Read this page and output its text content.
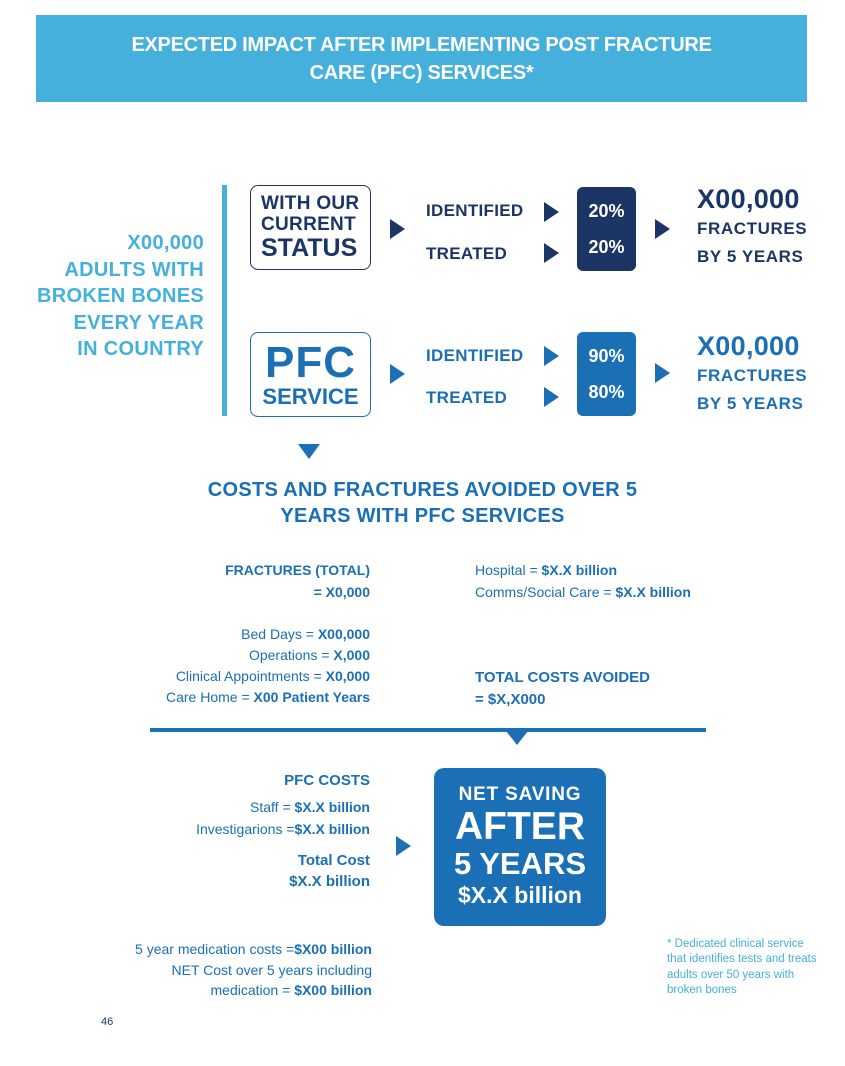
EXPECTED IMPACT AFTER IMPLEMENTING POST FRACTURE
CARE (PFC) SERVICES*
X00,000
ADULTS WITH
BROKEN BONES
EVERY YEAR
IN COUNTRY
WITH OUR
CURRENT
STATUS
IDENTIFIED
TREATED
20%
20%
X00,000
FRACTURES
BY 5 YEARS
PFC
SERVICE
IDENTIFIED
TREATED
90%
80%
X00,000
FRACTURES
BY 5 YEARS
COSTS AND FRACTURES AVOIDED OVER 5
YEARS WITH PFC SERVICES
FRACTURES (TOTAL)
= X0,000
Bed Days = X00,000
Operations = X,000
Clinical Appointments = X0,000
Care Home = X00 Patient Years
Hospital = $X.X billion
Comms/Social Care = $X.X billion
TOTAL COSTS AVOIDED
= $X,X000
PFC COSTS
Staff = $X.X billion
Investigarions =$X.X billion
Total Cost
$X.X billion
NET SAVING
AFTER
5 YEARS
$X.X billion
5 year medication costs =$X00 billion
NET Cost over 5 years including
medication = $X00 billion
* Dedicated clinical service that identifies tests and treats adults over 50 years with broken bones
46
